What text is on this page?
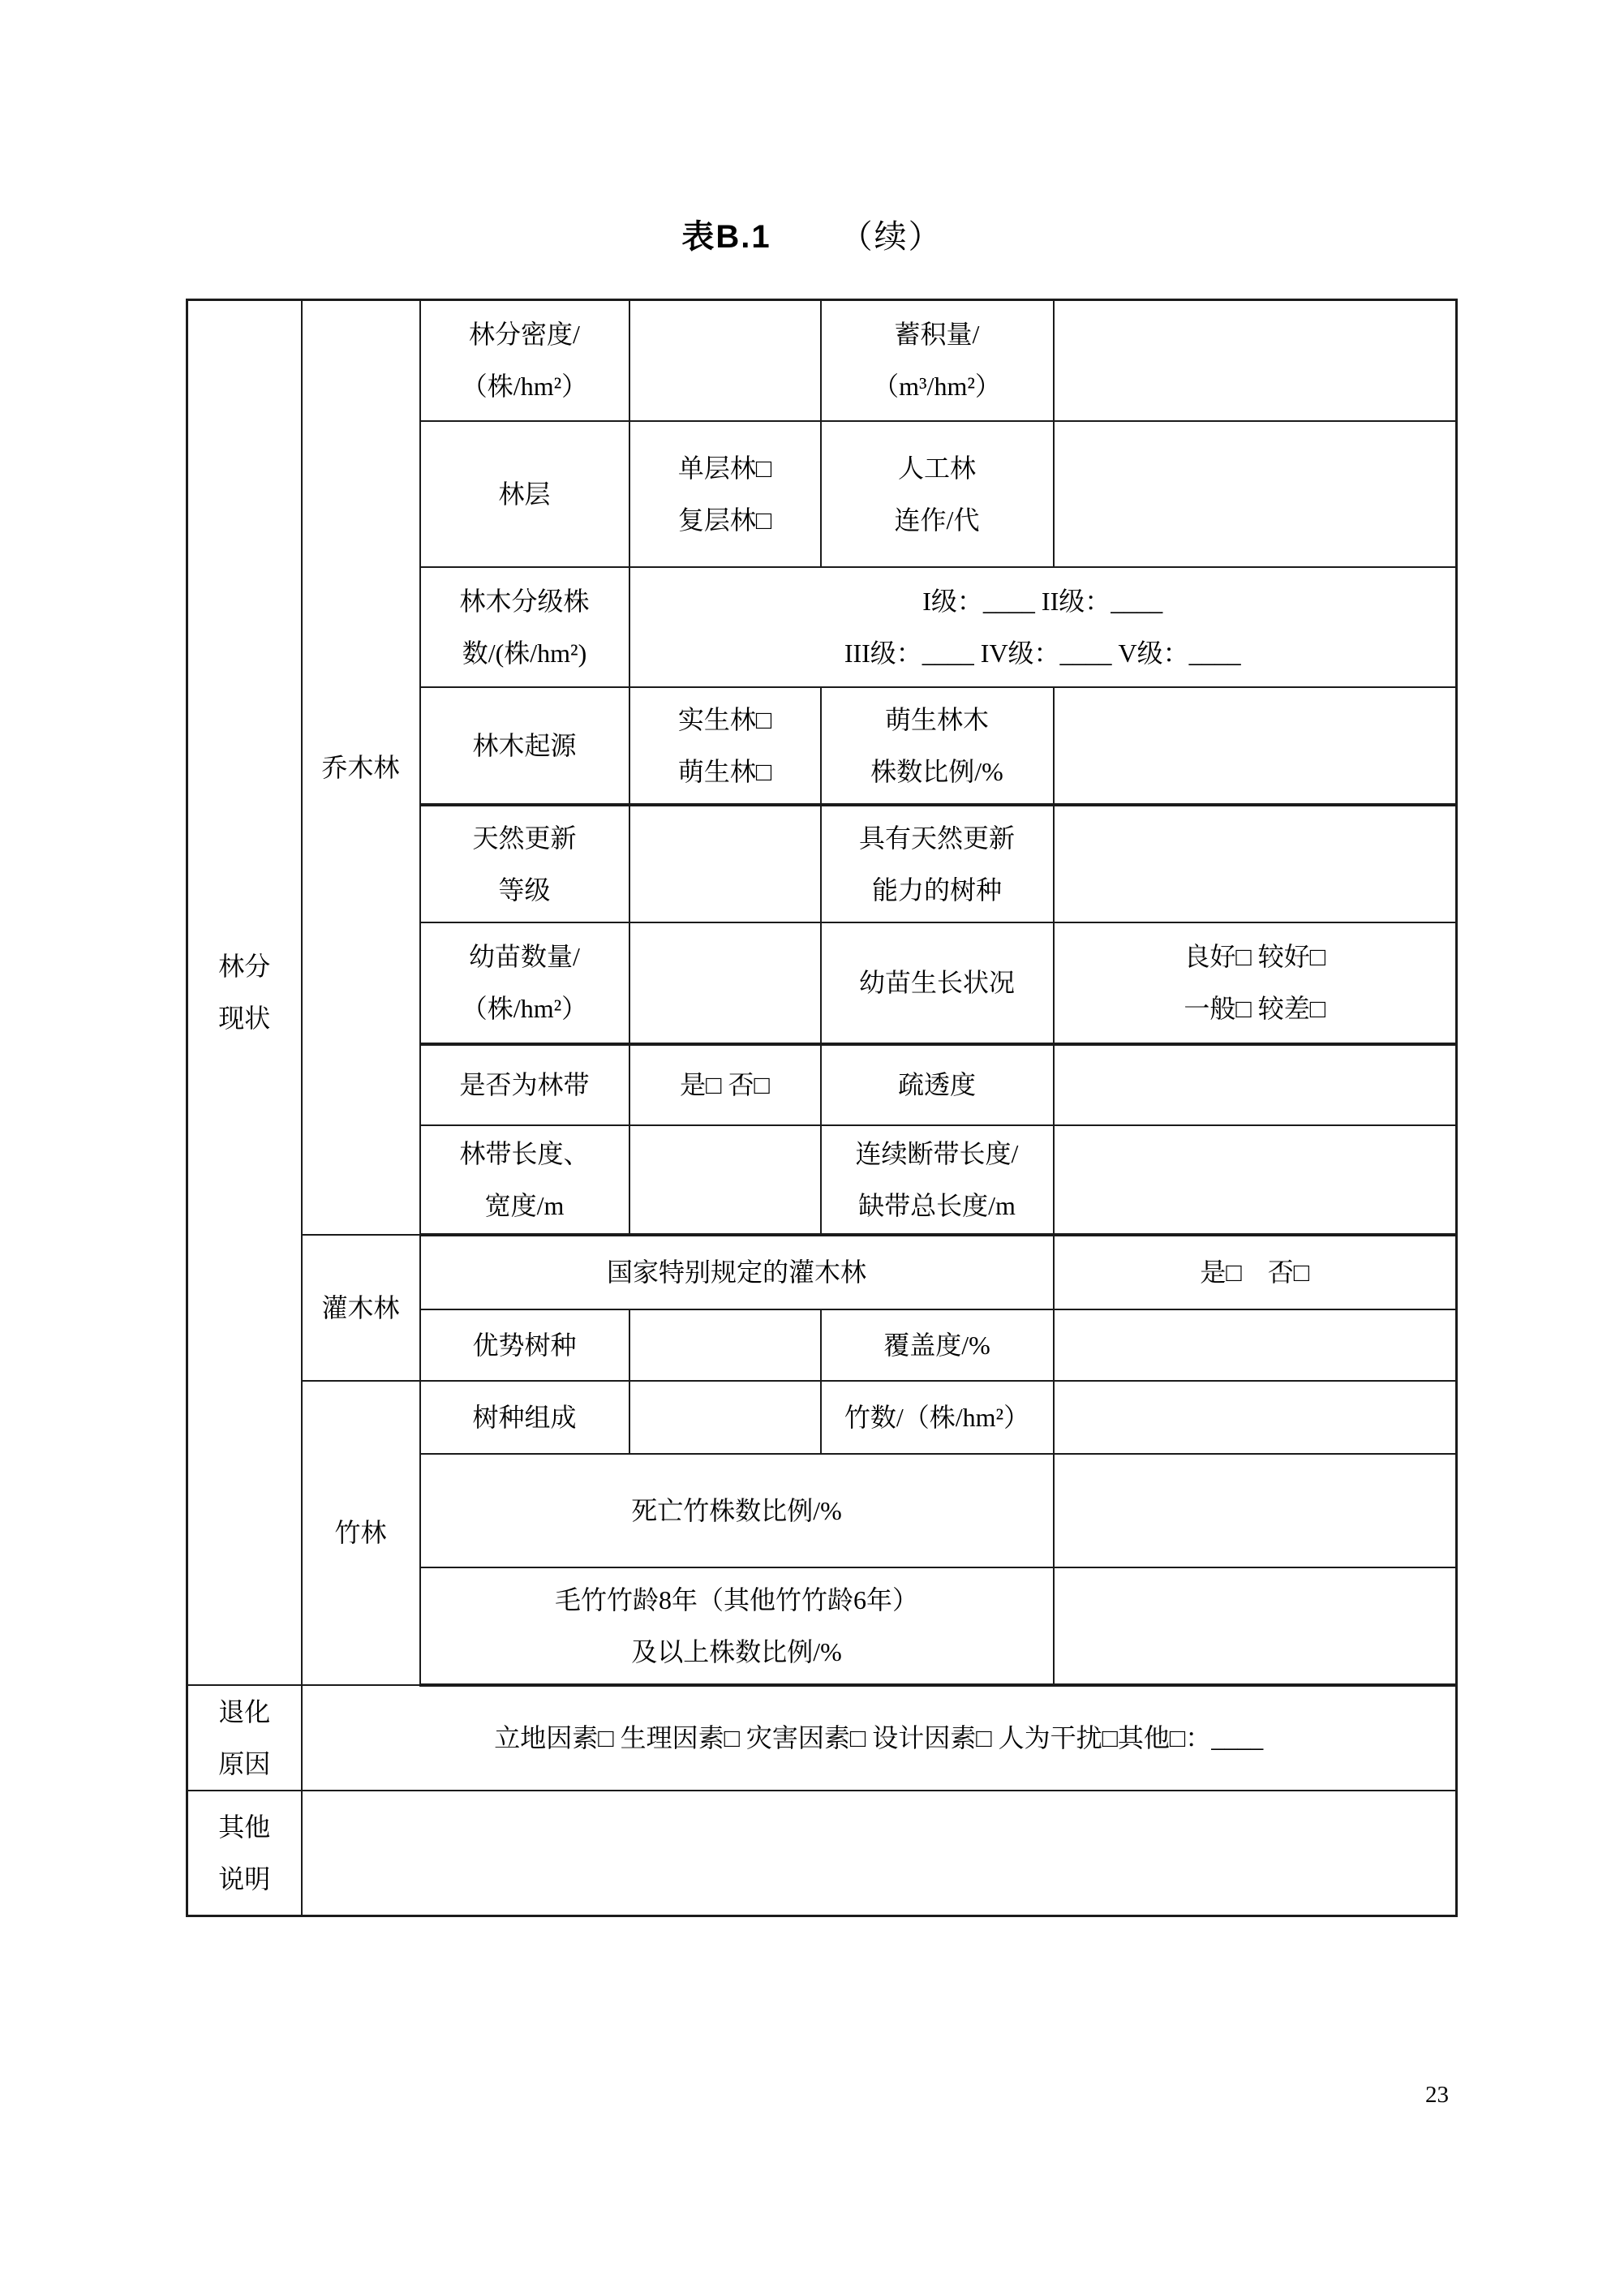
表B.1 （续）
林分
现状	乔木林	林分密度/
（株/hm²）		蓄积量/
（m³/hm²）	

		林层	单层林□
复层林□	人工林
连作/代	

		林木分级株
数/(株/hm²)	I级：____ II级：____
III级：____ IV级：____ V级：____		

		林木起源	实生林□
萌生林□	萌生林木
株数比例/%	

		天然更新
等级		具有天然更新
能力的树种	

		幼苗数量/
（株/hm²）		幼苗生长状况	良好□ 较好□
一般□ 较差□

		是否为林带	是□ 否□	疏透度	

		林带长度、
宽度/m		连续断带长度/
缺带总长度/m	

	灌木林	国家特别规定的灌木林			是□　否□
		优势树种		覆盖度/%	
	竹林	树种组成		竹数/（株/hm²）	
		死亡竹株数比例/%			

		毛竹竹龄8年（其他竹竹龄6年）
及以上株数比例/%			

退化
原因	立地因素□ 生理因素□ 灾害因素□ 设计因素□ 人为干扰□其他□：____				

其他
说明					

23
